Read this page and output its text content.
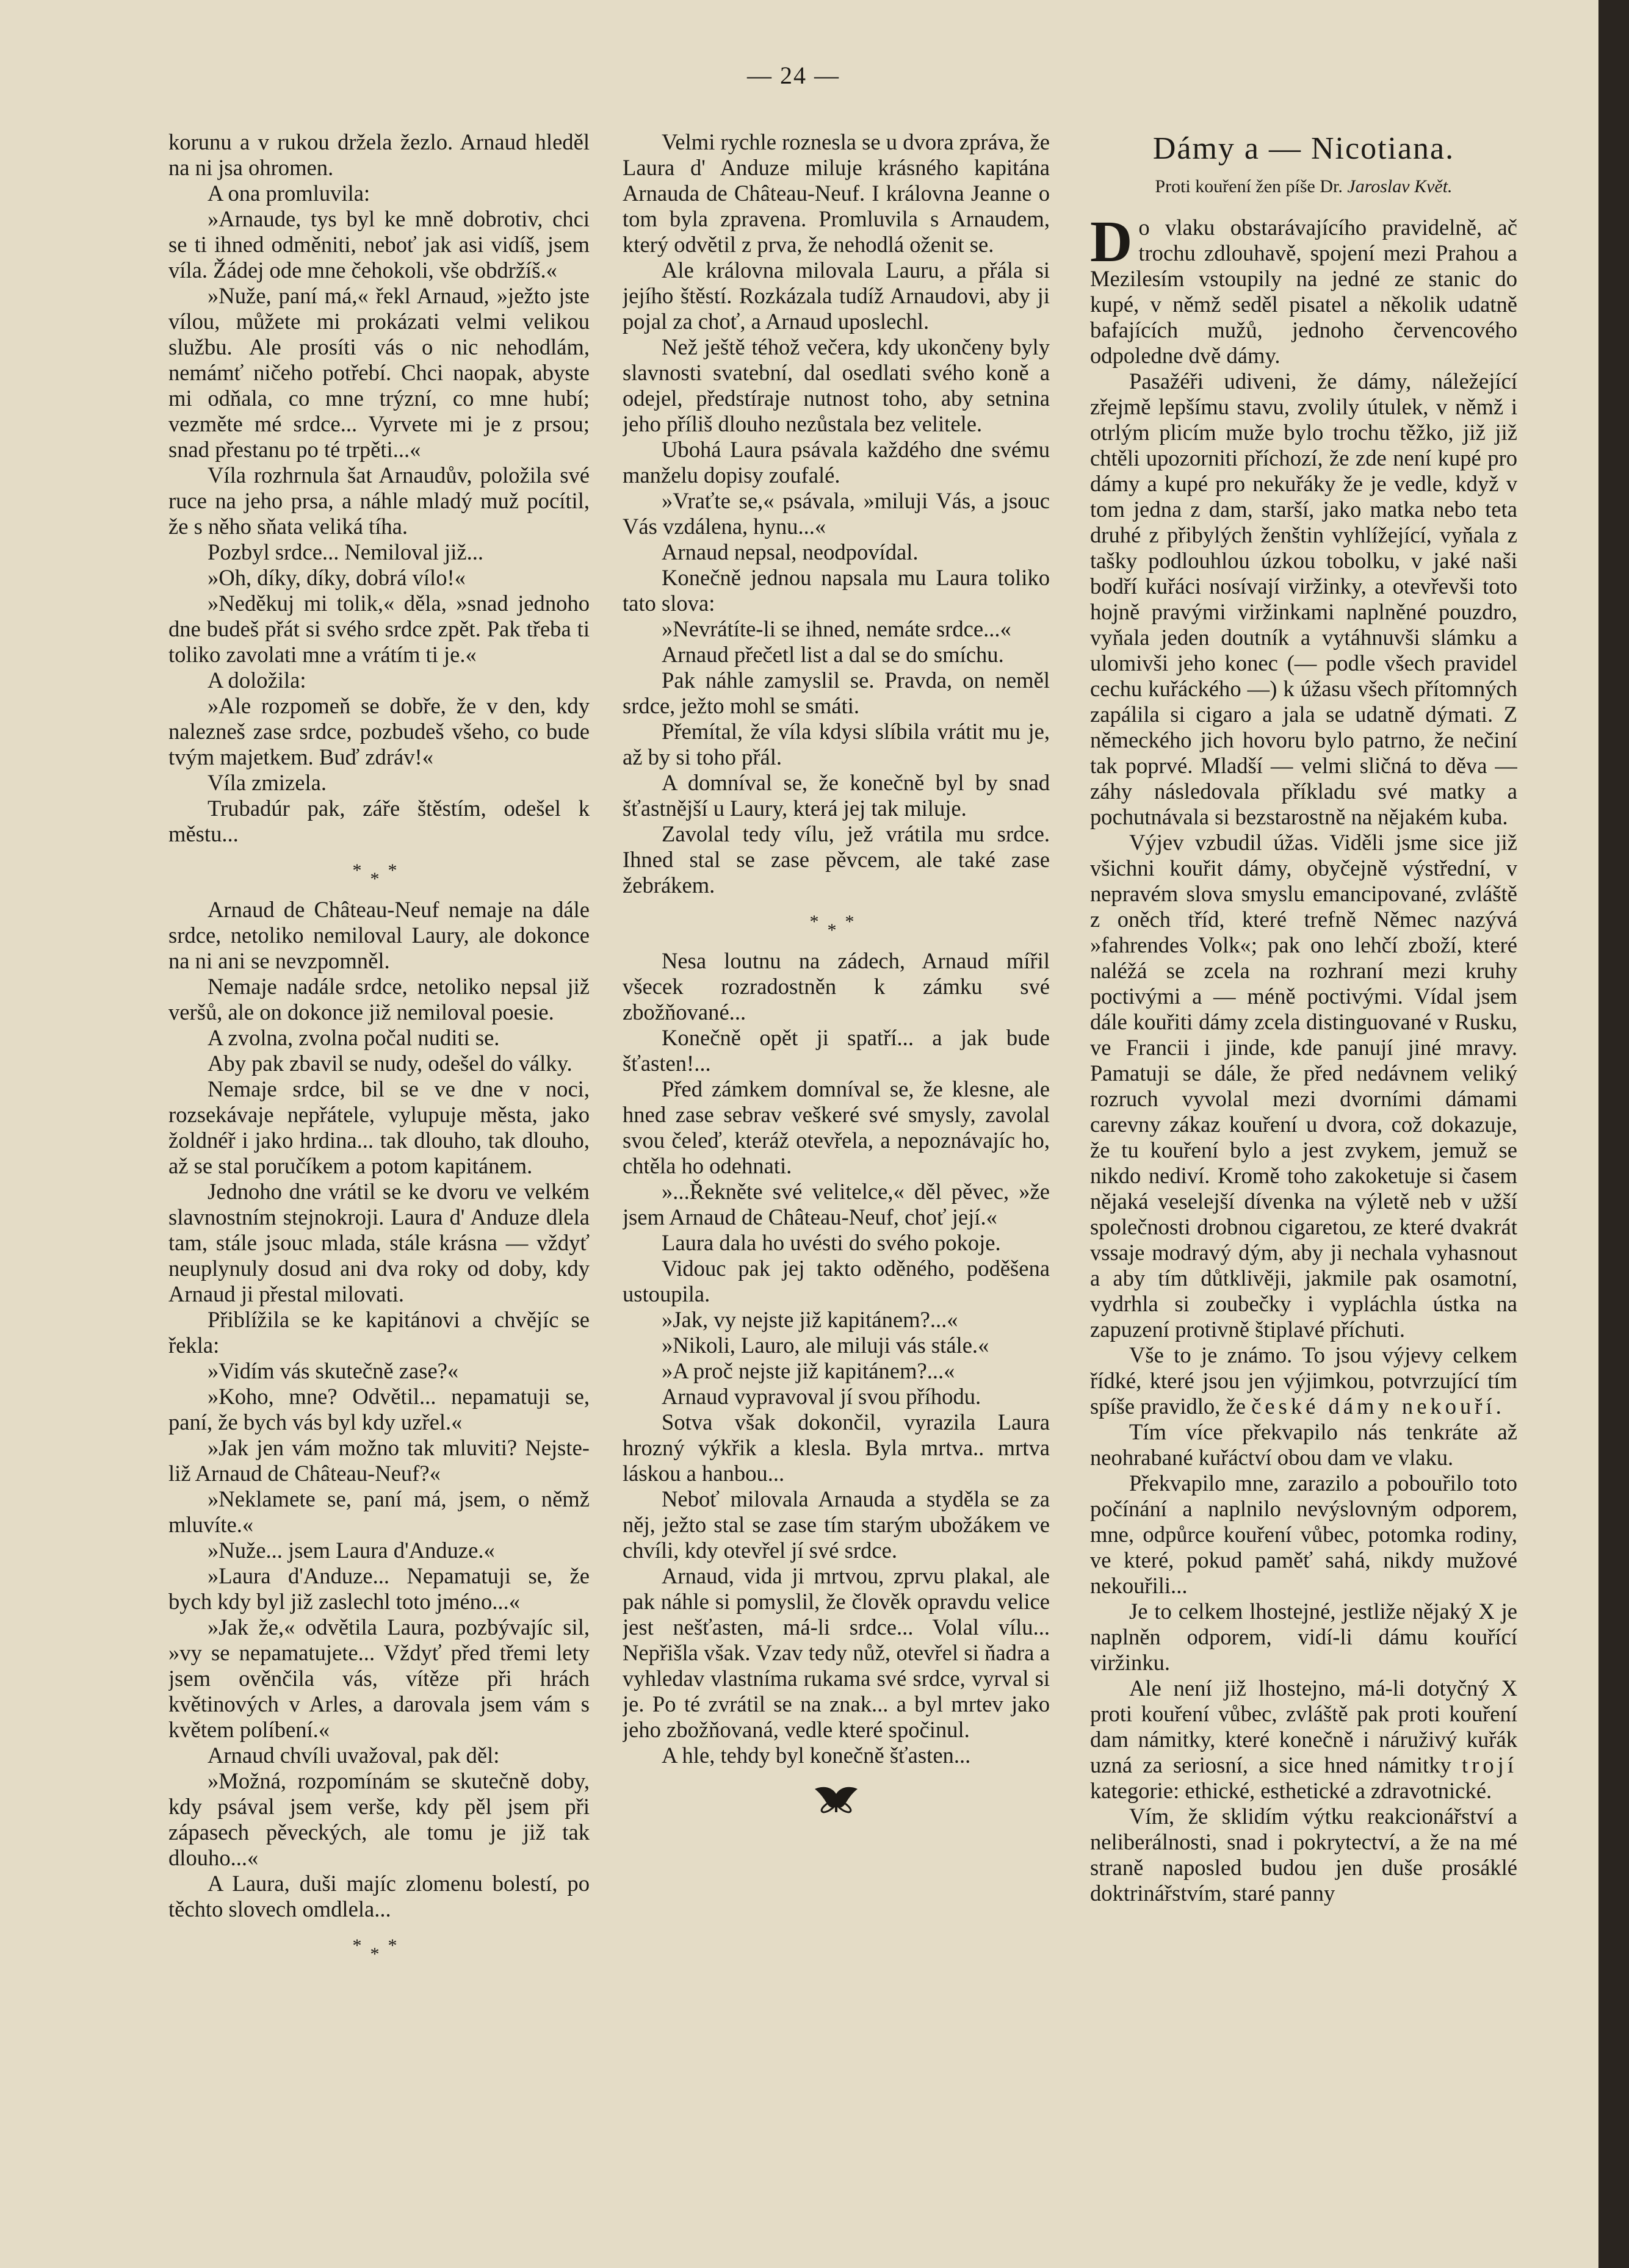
— 24 —

korunu a v rukou držela žezlo. Arnaud hleděl na ni jsa ohromen.

A ona promluvila:

»Arnaude, tys byl ke mně dobrotiv, chci se ti ihned odměniti, neboť jak asi vidíš, jsem víla. Žádej ode mne čehokoli, vše obdržíš.«

»Nuže, paní má,« řekl Arnaud, »ježto jste vílou, můžete mi prokázati velmi velikou službu. Ale prosíti vás o nic nehodlám, nemámť ničeho potřebí. Chci naopak, abyste mi odňala, co mne trýzní, co mne hubí; vezměte mé srdce... Vyrvete mi je z prsou; snad přestanu po té trpěti...«

Víla rozhrnula šat Arnaudův, položila své ruce na jeho prsa, a náhle mladý muž pocítil, že s něho sňata veliká tíha.

Pozbyl srdce... Nemiloval již...

»Oh, díky, díky, dobrá vílo!«

»Neděkuj mi tolik,« děla, »snad jednoho dne budeš přát si svého srdce zpět. Pak třeba ti toliko zavolati mne a vrátím ti je.«

A doložila:

»Ale rozpomeň se dobře, že v den, kdy nalezneš zase srdce, pozbudeš všeho, co bude tvým majetkem. Buď zdráv!«

Víla zmizela.

Trubadúr pak, záře štěstím, odešel k městu...

***

Arnaud de Château-Neuf nemaje na dále srdce, netoliko nemiloval Laury, ale dokonce na ni ani se nevzpomněl.

Nemaje nadále srdce, netoliko nepsal již veršů, ale on dokonce již nemiloval poesie.

A zvolna, zvolna počal nuditi se.

Aby pak zbavil se nudy, odešel do války.

Nemaje srdce, bil se ve dne v noci, rozsekávaje nepřátele, vylupuje města, jako žoldnéř i jako hrdina... tak dlouho, tak dlouho, až se stal poručíkem a potom kapitánem.

Jednoho dne vrátil se ke dvoru ve velkém slavnostním stejnokroji. Laura d' Anduze dlela tam, stále jsouc mlada, stále krásna — vždyť neuplynuly dosud ani dva roky od doby, kdy Arnaud ji přestal milovati.

Přiblížila se ke kapitánovi a chvějíc se řekla:

»Vidím vás skutečně zase?«

»Koho, mne? Odvětil... nepamatuji se, paní, že bych vás byl kdy uzřel.«

»Jak jen vám možno tak mluviti? Nejste-liž Arnaud de Château-Neuf?«

»Neklamete se, paní má, jsem, o němž mluvíte.«

»Nuže... jsem Laura d'Anduze.«

»Laura d'Anduze... Nepamatuji se, že bych kdy byl již zaslechl toto jméno...«

»Jak že,« odvětila Laura, pozbývajíc sil, »vy se nepamatujete... Vždyť před třemi lety jsem ověnčila vás, vítěze při hrách květinových v Arles, a darovala jsem vám s květem políbení.«

Arnaud chvíli uvažoval, pak děl:

»Možná, rozpomínám se skutečně doby, kdy psával jsem verše, kdy pěl jsem při zápasech pěveckých, ale tomu je již tak dlouho...«

A Laura, duši majíc zlomenu bolestí, po těchto slovech omdlela...

***

Velmi rychle roznesla se u dvora zpráva, že Laura d' Anduze miluje krásného kapitána Arnauda de Château-Neuf. I královna Jeanne o tom byla zpravena. Promluvila s Arnaudem, který odvětil z prva, že nehodlá oženit se.

Ale královna milovala Lauru, a přála si jejího štěstí. Rozkázala tudíž Arnaudovi, aby ji pojal za choť, a Arnaud uposlechl.

Než ještě téhož večera, kdy ukončeny byly slavnosti svatební, dal osedlati svého koně a odejel, předstíraje nutnost toho, aby setnina jeho příliš dlouho nezůstala bez velitele.

Ubohá Laura psávala každého dne svému manželu dopisy zoufalé.

»Vraťte se,« psávala, »miluji Vás, a jsouc Vás vzdálena, hynu...«

Arnaud nepsal, neodpovídal.

Konečně jednou napsala mu Laura toliko tato slova:

»Nevrátíte-li se ihned, nemáte srdce...«

Arnaud přečetl list a dal se do smíchu.

Pak náhle zamyslil se. Pravda, on neměl srdce, ježto mohl se smáti.

Přemítal, že víla kdysi slíbila vrátit mu je, až by si toho přál.

A domníval se, že konečně byl by snad šťastnější u Laury, která jej tak miluje.

Zavolal tedy vílu, jež vrátila mu srdce. Ihned stal se zase pěvcem, ale také zase žebrákem.

***

Nesa loutnu na zádech, Arnaud mířil všecek rozradostněn k zámku své zbožňované...

Konečně opět ji spatří... a jak bude šťasten!...

Před zámkem domníval se, že klesne, ale hned zase sebrav veškeré své smysly, zavolal svou čeleď, kteráž otevřela, a nepoznávajíc ho, chtěla ho odehnati.

»...Řekněte své velitelce,« děl pěvec, »že jsem Arnaud de Château-Neuf, choť její.«

Laura dala ho uvésti do svého pokoje.

Vidouc pak jej takto oděného, poděšena ustoupila.

»Jak, vy nejste již kapitánem?...«

»Nikoli, Lauro, ale miluji vás stále.«

»A proč nejste již kapitánem?...«

Arnaud vypravoval jí svou příhodu.

Sotva však dokončil, vyrazila Laura hrozný výkřik a klesla. Byla mrtva.. mrtva láskou a hanbou...

Neboť milovala Arnauda a styděla se za něj, ježto stal se zase tím starým ubožákem ve chvíli, kdy otevřel jí své srdce.

Arnaud, vida ji mrtvou, zprvu plakal, ale pak náhle si pomyslil, že člověk opravdu velice jest nešťasten, má-li srdce... Volal vílu... Nepřišla však. Vzav tedy nůž, otevřel si ňadra a vyhledav vlastníma rukama své srdce, vyrval si je. Po té zvrátil se na znak... a byl mrtev jako jeho zbožňovaná, vedle které spočinul.

A hle, tehdy byl konečně šťasten...

Dámy a — Nicotiana.
Proti kouření žen píše Dr. Jaroslav Květ.

Do vlaku obstarávajícího pravidelně, ač trochu zdlouhavě, spojení mezi Prahou a Mezilesím vstoupily na jedné ze stanic do kupé, v němž seděl pisatel a několik udatně bafajících mužů, jednoho červencového odpoledne dvě dámy.

Pasažéři udiveni, že dámy, náležející zřejmě lepšímu stavu, zvolily útulek, v němž i otrlým plicím muže bylo trochu těžko, již již chtěli upozorniti příchozí, že zde není kupé pro dámy a kupé pro nekuřáky že je vedle, když v tom jedna z dam, starší, jako matka nebo teta druhé z přibylých ženštin vyhlížející, vyňala z tašky podlouhlou úzkou tobolku, v jaké naši bodří kuřáci nosívají viržinky, a otevřevši toto hojně pravými viržinkami naplněné pouzdro, vyňala jeden doutník a vytáhnuvši slámku a ulomivši jeho konec (— podle všech pravidel cechu kuřáckého —) k úžasu všech přítomných zapálila si cigaro a jala se udatně dýmati. Z německého jich hovoru bylo patrno, že nečiní tak poprvé. Mladší — velmi sličná to děva — záhy následovala příkladu své matky a pochutnávala si bezstarostně na nějakém kuba.

Výjev vzbudil úžas. Viděli jsme sice již všichni kouřit dámy, obyčejně výstřední, v nepravém slova smyslu emancipované, zvláště z oněch tříd, které trefně Němec nazývá »fahrendes Volk«; pak ono lehčí zboží, které naléžá se zcela na rozhraní mezi kruhy poctivými a — méně poctivými. Vídal jsem dále kouřiti dámy zcela distinguované v Rusku, ve Francii i jinde, kde panují jiné mravy. Pamatuji se dále, že před nedávnem veliký rozruch vyvolal mezi dvorními dámami carevny zákaz kouření u dvora, což dokazuje, že tu kouření bylo a jest zvykem, jemuž se nikdo nediví. Kromě toho zakoketuje si časem nějaká veselejší dívenka na výletě neb v užší společnosti drobnou cigaretou, ze které dvakrát vssaje modravý dým, aby ji nechala vyhasnout a aby tím důtklivěji, jakmile pak osamotní, vydrhla si zoubečky i vypláchla ústka na zapuzení protivně štiplavé příchuti.

Vše to je známo. To jsou výjevy celkem řídké, které jsou jen výjimkou, potvrzující tím spíše pravidlo, že české dámy nekouří.

Tím více překvapilo nás tenkráte až neohrabané kuřáctví obou dam ve vlaku.

Překvapilo mne, zarazilo a pobouřilo toto počínání a naplnilo nevýslovným odporem, mne, odpůrce kouření vůbec, potomka rodiny, ve které, pokud paměť sahá, nikdy mužové nekouřili...

Je to celkem lhostejné, jestliže nějaký X je naplněn odporem, vidí-li dámu kouřící viržinku.

Ale není již lhostejno, má-li dotyčný X proti kouření vůbec, zvláště pak proti kouření dam námitky, které konečně i náruživý kuřák uzná za seriosní, a sice hned námitky trojí kategorie: ethické, esthetické a zdravotnické.

Vím, že sklidím výtku reakcionářství a neliberálnosti, snad i pokrytectví, a že na mé straně naposled budou jen duše prosáklé doktrinářstvím, staré panny
